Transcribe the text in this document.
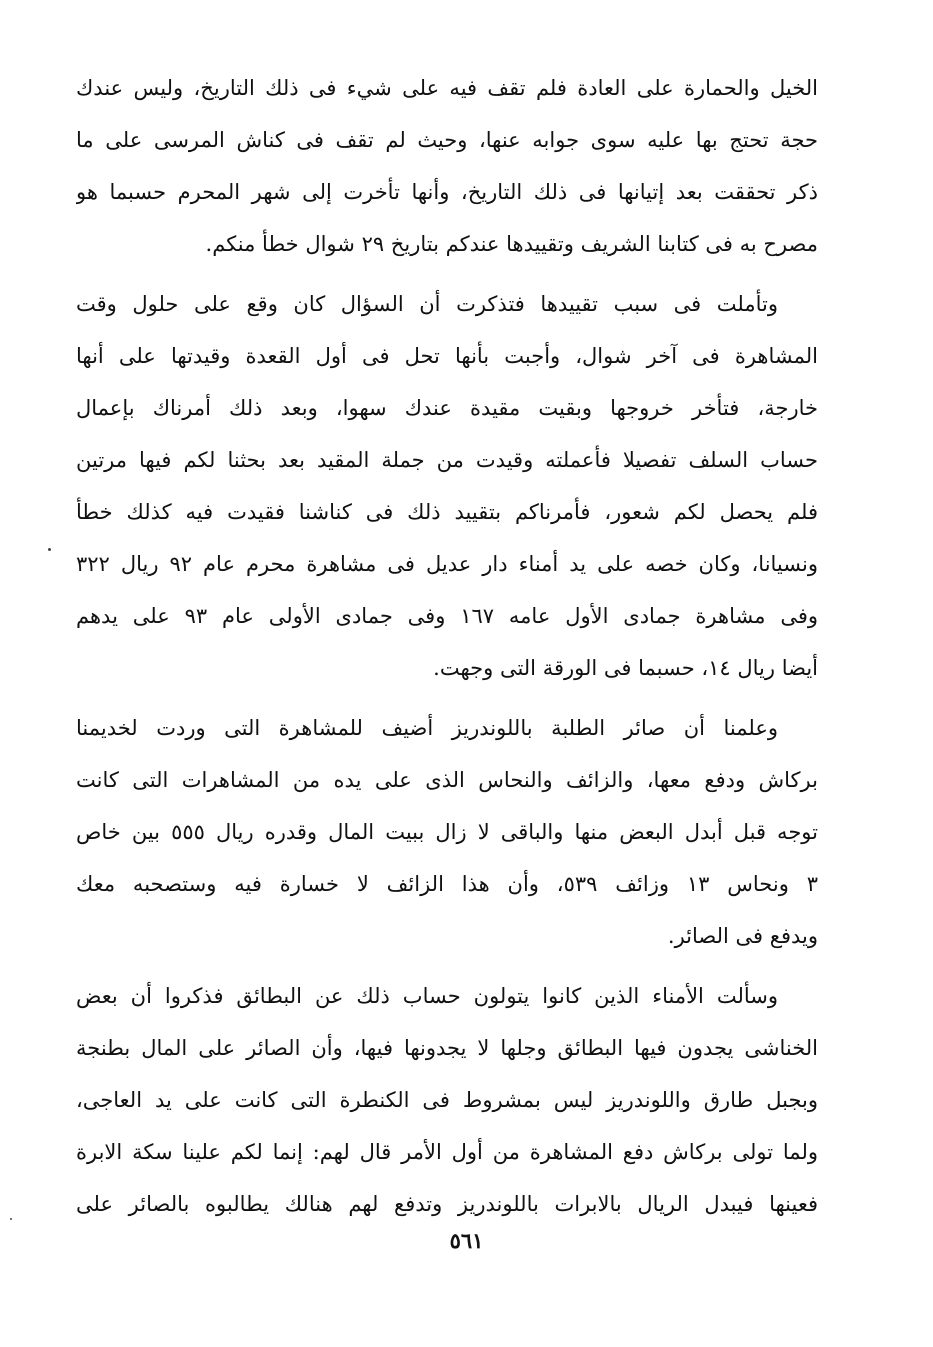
الخيل والحمارة على العادة فلم تقف فيه على شيء فى ذلك التاريخ، وليس عندك
حجة تحتج بها عليه سوى جوابه عنها، وحيث لم تقف فى كناش المرسى على ما
ذكر تحققت بعد إتيانها فى ذلك التاريخ، وأنها تأخرت إلى شهر المحرم حسبما هو
مصرح به فى كتابنا الشريف وتقييدها عندكم بتاريخ ٢٩ شوال خطأ منكم.
وتأملت فى سبب تقييدها فتذكرت أن السؤال كان وقع على حلول وقت
المشاهرة فى آخر شوال، وأجبت بأنها تحل فى أول القعدة وقيدتها على أنها
خارجة، فتأخر خروجها وبقيت مقيدة عندك سهوا، وبعد ذلك أمرناك بإعمال
حساب السلف تفصيلا فأعملته وقيدت من جملة المقيد بعد بحثنا لكم فيها مرتين
فلم يحصل لكم شعور، فأمرناكم بتقييد ذلك فى كناشنا فقيدت فيه كذلك خطأ
ونسيانا، وكان خصه على يد أمناء دار عديل فى مشاهرة محرم عام ٩٢ ريال ٣٢٢
وفى مشاهرة جمادى الأول عامه ١٦٧ وفى جمادى الأولى عام ٩٣ على يدهم
أيضا ريال ١٤، حسبما فى الورقة التى وجهت.
وعلمنا أن صائر الطلبة باللوندريز أضيف للمشاهرة التى وردت لخديمنا
بركاش ودفع معها، والزائف والنحاس الذى على يده من المشاهرات التى كانت
توجه قبل أبدل البعض منها والباقى لا زال ببيت المال وقدره ريال ٥٥٥ بين خاص
٣ ونحاس ١٣ وزائف ٥٣٩، وأن هذا الزائف لا خسارة فيه وستصحبه معك
ويدفع فى الصائر.
وسألت الأمناء الذين كانوا يتولون حساب ذلك عن البطائق فذكروا أن بعض
الخناشى يجدون فيها البطائق وجلها لا يجدونها فيها، وأن الصائر على المال بطنجة
وبجبل طارق واللوندريز ليس بمشروط فى الكنطرة التى كانت على يد العاجى،
ولما تولى بركاش دفع المشاهرة من أول الأمر قال لهم: إنما لكم علينا سكة الابرة
فعينها فيبدل الريال بالابرات باللوندريز وتدفع لهم هنالك يطالبوه بالصائر على
٥٦١
